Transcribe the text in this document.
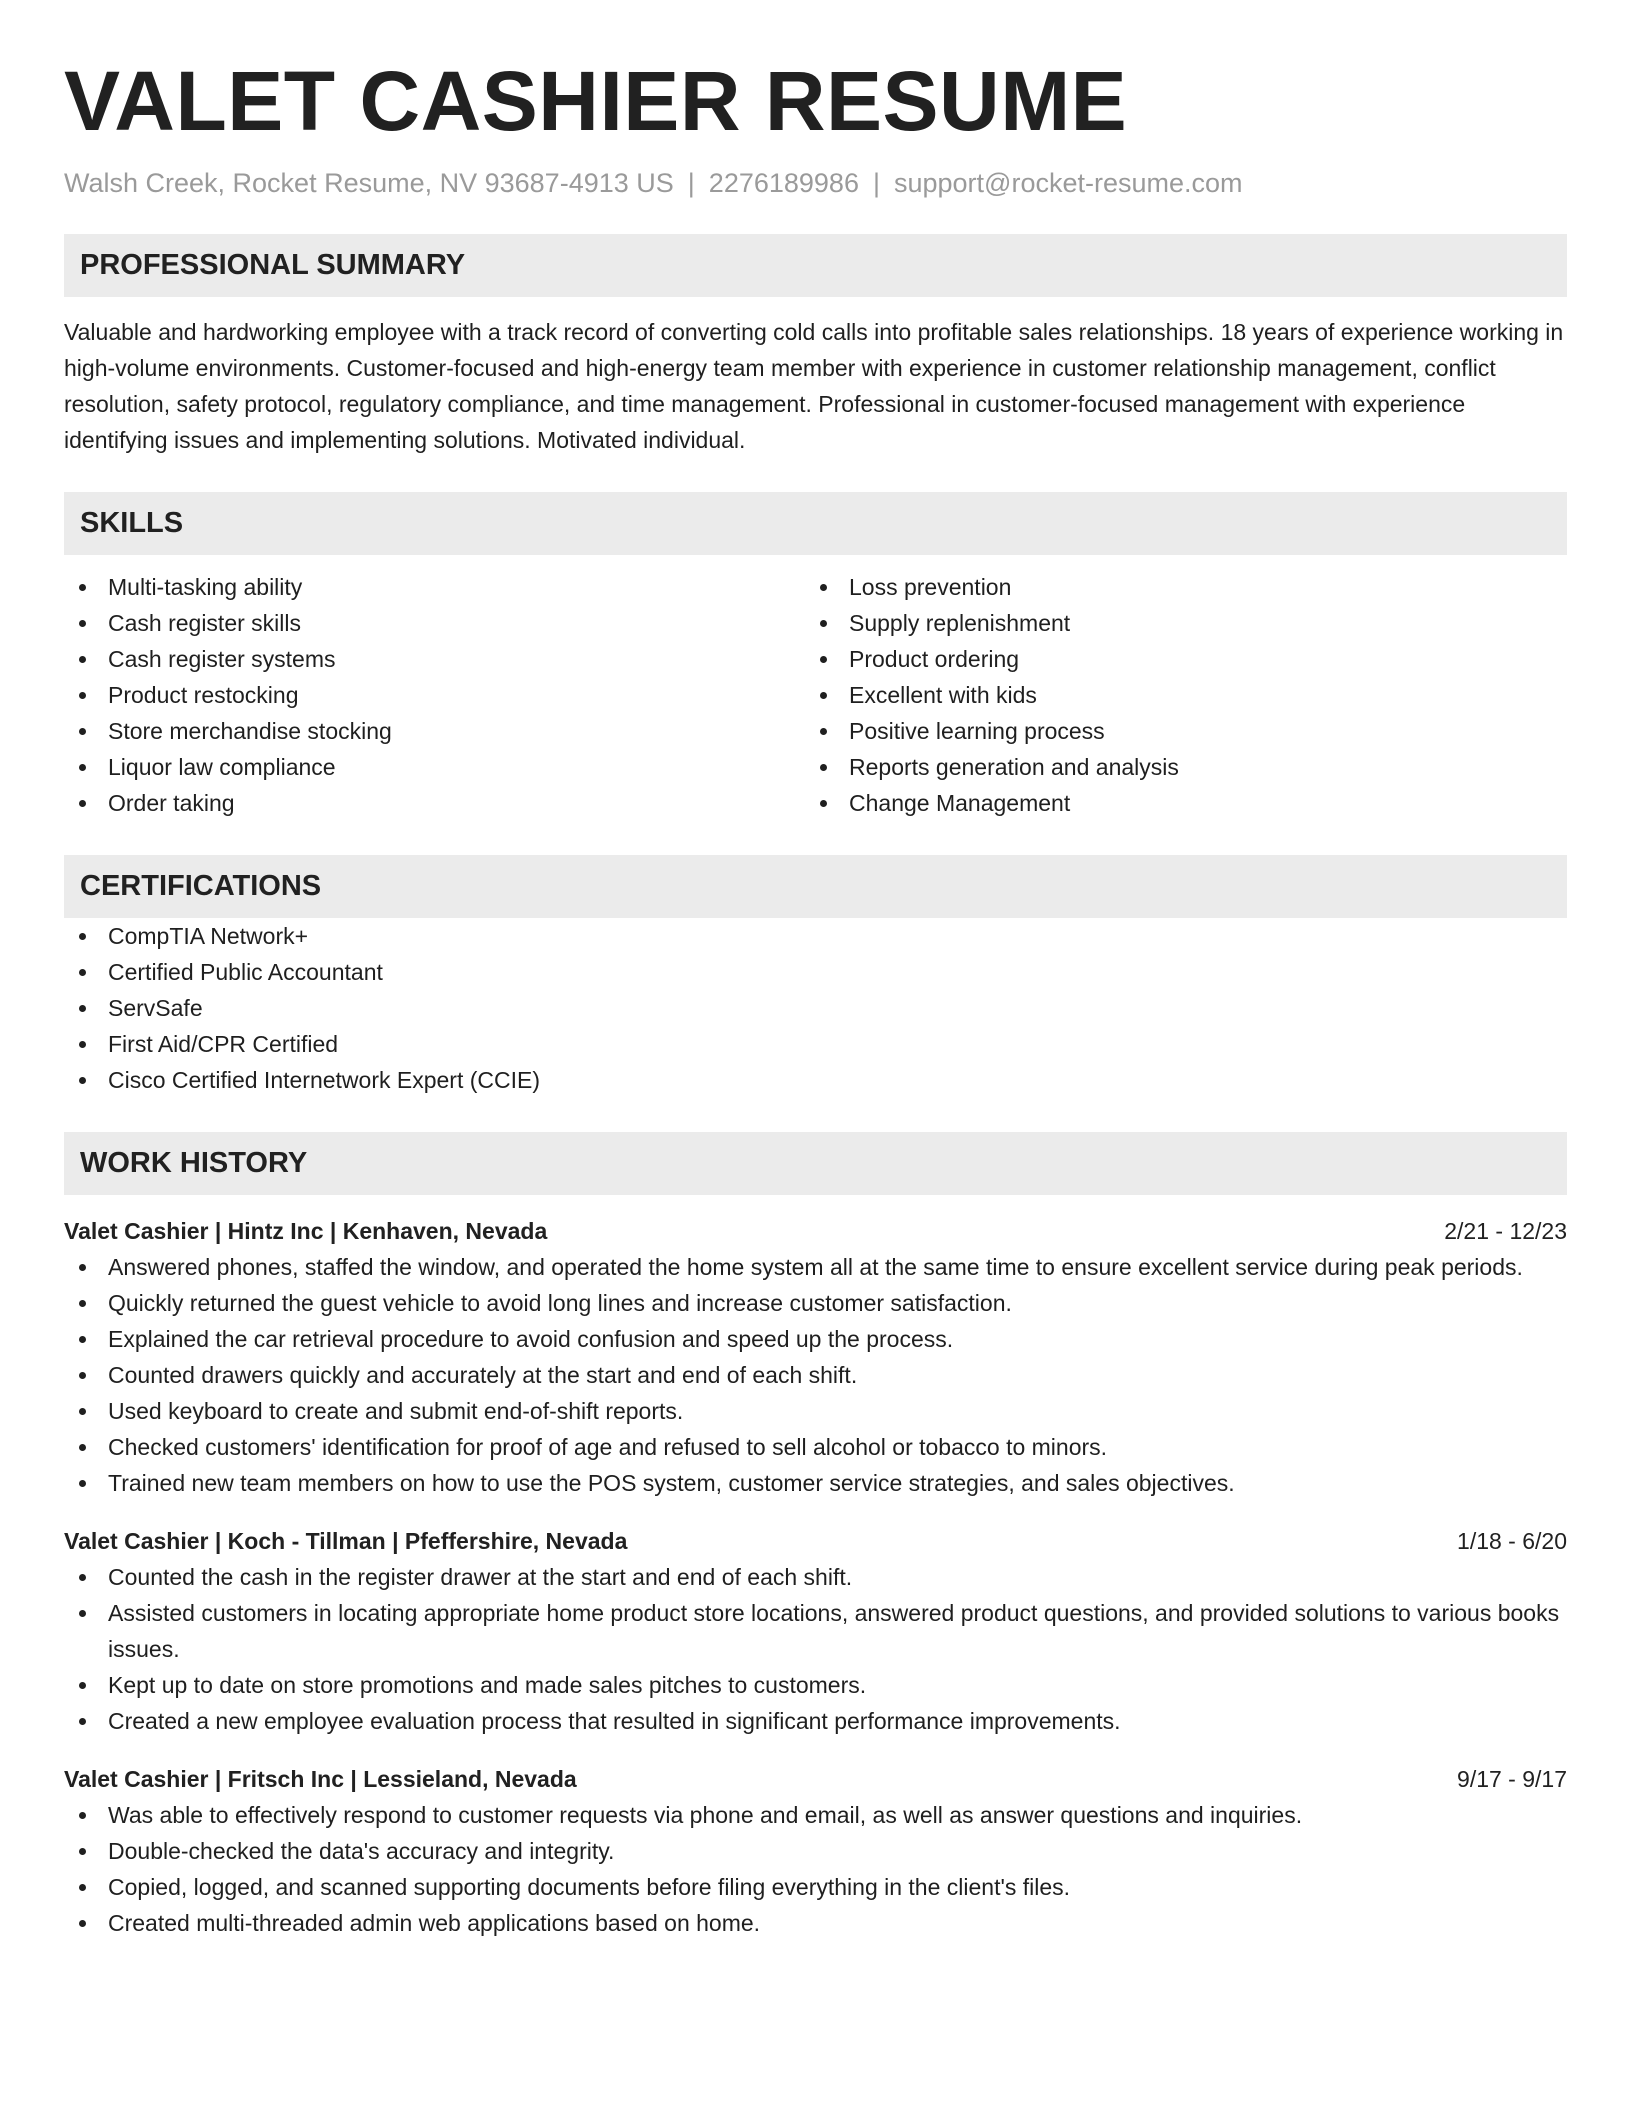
VALET CASHIER RESUME
Walsh Creek, Rocket Resume, NV 93687-4913 US | 2276189986 | support@rocket-resume.com
PROFESSIONAL SUMMARY

Valuable and hardworking employee with a track record of converting cold calls into profitable sales relationships. 18 years of experience working in high-volume environments. Customer-focused and high-energy team member with experience in customer relationship management, conflict resolution, safety protocol, regulatory compliance, and time management. Professional in customer-focused management with experience identifying issues and implementing solutions. Motivated individual.

SKILLS
Multi-tasking ability
Cash register skills
Cash register systems
Product restocking
Store merchandise stocking
Liquor law compliance
Order taking
Loss prevention
Supply replenishment
Product ordering
Excellent with kids
Positive learning process
Reports generation and analysis
Change Management
CERTIFICATIONS
CompTIA Network+
Certified Public Accountant
ServSafe
First Aid/CPR Certified
Cisco Certified Internetwork Expert (CCIE)
WORK HISTORY
Valet Cashier | Hintz Inc | Kenhaven, Nevada	2/21 - 12/23
Answered phones, staffed the window, and operated the home system all at the same time to ensure excellent service during peak periods.
Quickly returned the guest vehicle to avoid long lines and increase customer satisfaction.
Explained the car retrieval procedure to avoid confusion and speed up the process.
Counted drawers quickly and accurately at the start and end of each shift.
Used keyboard to create and submit end-of-shift reports.
Checked customers' identification for proof of age and refused to sell alcohol or tobacco to minors.
Trained new team members on how to use the POS system, customer service strategies, and sales objectives.
Valet Cashier | Koch - Tillman | Pfeffershire, Nevada	1/18 - 6/20
Counted the cash in the register drawer at the start and end of each shift.
Assisted customers in locating appropriate home product store locations, answered product questions, and provided solutions to various books issues.
Kept up to date on store promotions and made sales pitches to customers.
Created a new employee evaluation process that resulted in significant performance improvements.
Valet Cashier | Fritsch Inc | Lessieland, Nevada	9/17 - 9/17
Was able to effectively respond to customer requests via phone and email, as well as answer questions and inquiries.
Double-checked the data's accuracy and integrity.
Copied, logged, and scanned supporting documents before filing everything in the client's files.
Created multi-threaded admin web applications based on home.
